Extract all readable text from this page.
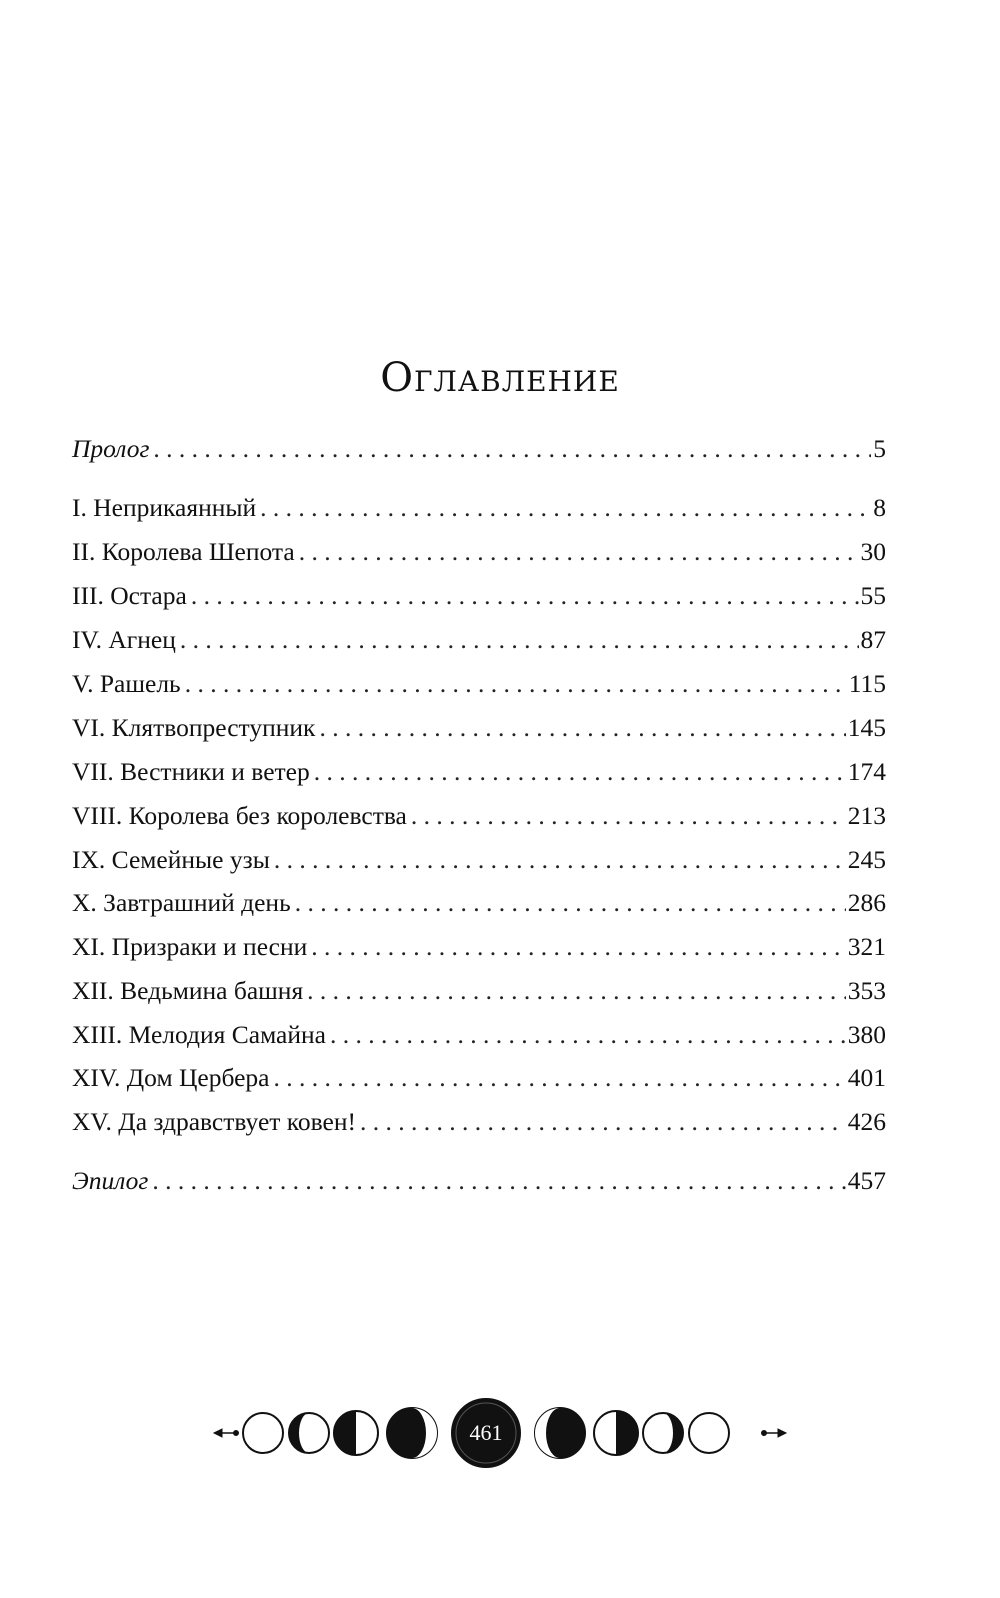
Оглавление
Пролог . . .	5
I. Неприкаянный . . .	8
II. Королева Шепота . . .	30
III. Остара . . .	55
IV. Агнец . . .	87
V. Рашель . . .	115
VI. Клятвопреступник . . .	145
VII. Вестники и ветер . . .	174
VIII. Королева без королевства . . .	213
IX. Семейные узы . . .	245
X. Завтрашний день . . .	286
XI. Призраки и песни . . .	321
XII. Ведьмина башня . . .	353
XIII. Мелодия Самайна . . .	380
XIV. Дом Цербера . . .	401
XV. Да здравствует ковен! . . .	426
Эпилог . . .	457
461
